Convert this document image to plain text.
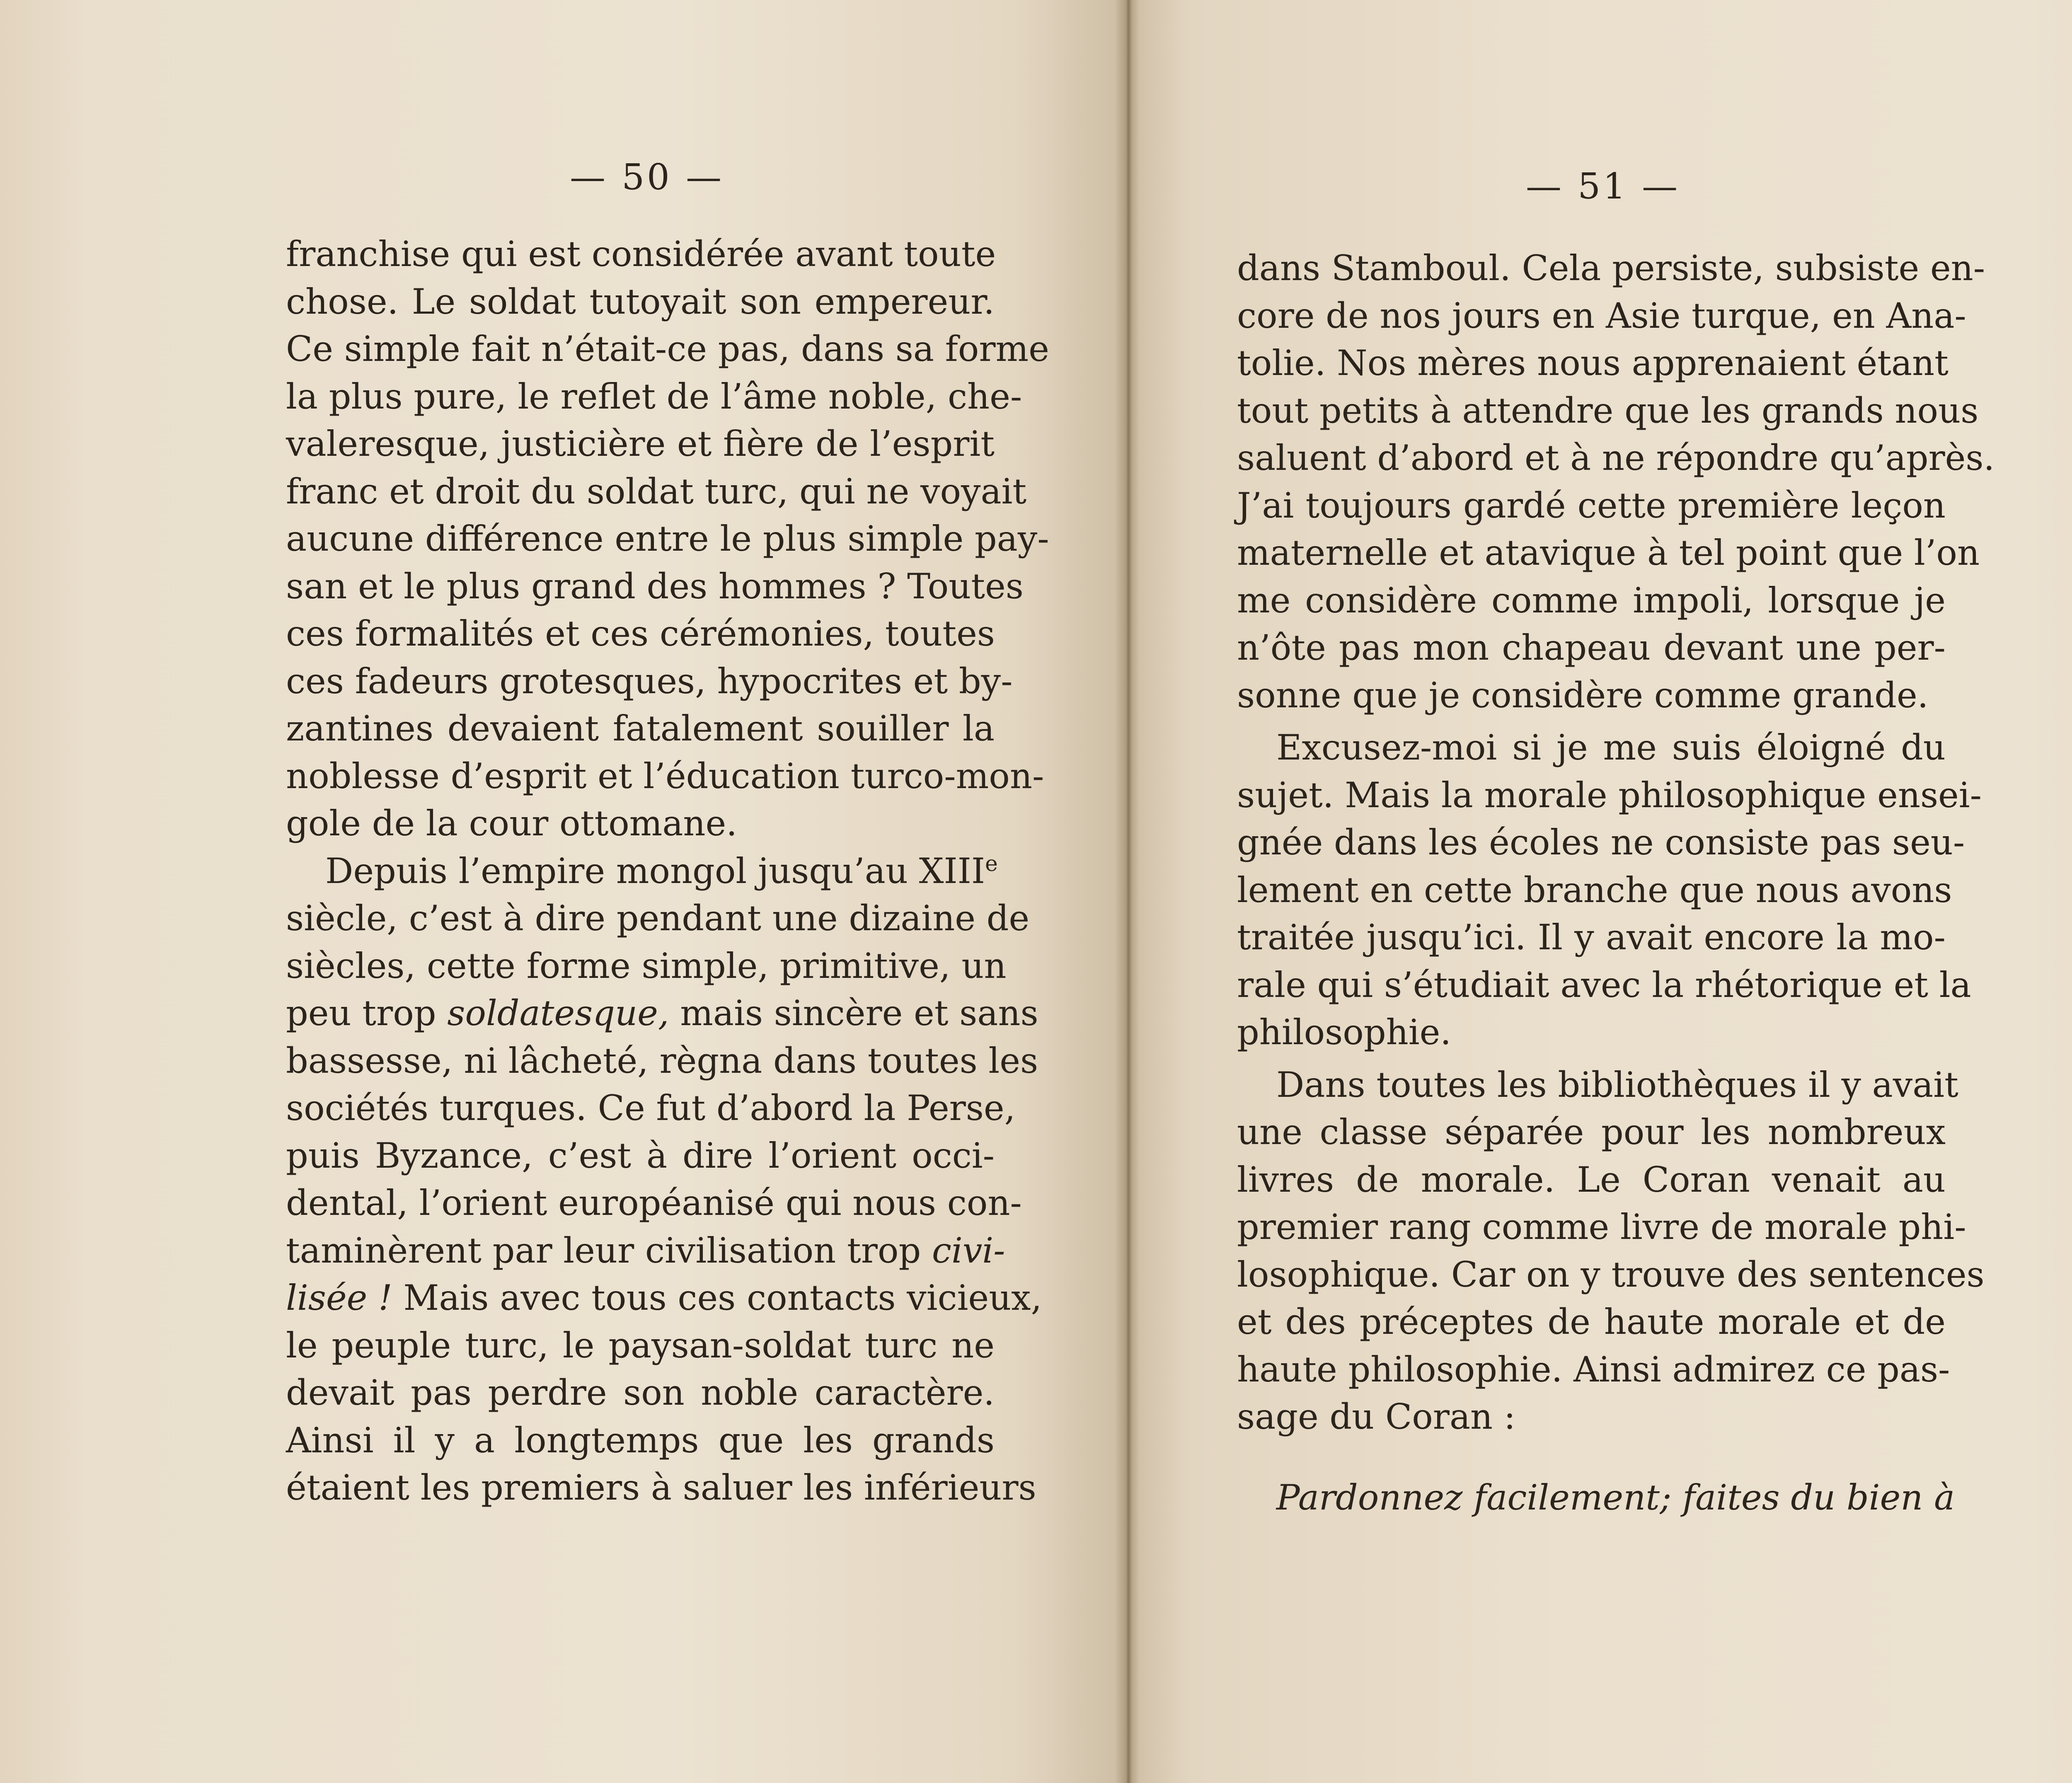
— 50 —
franchise qui est considérée avant toute
chose. Le soldat tutoyait son empereur.
Ce simple fait n’était-ce pas, dans sa forme
la plus pure, le reflet de l’âme noble, che-
valeresque, justicière et fière de l’esprit
franc et droit du soldat turc, qui ne voyait
aucune différence entre le plus simple pay-
san et le plus grand des hommes ? Toutes
ces formalités et ces cérémonies, toutes
ces fadeurs grotesques, hypocrites et by-
zantines devaient fatalement souiller la
noblesse d’esprit et l’éducation turco-mon-
gole de la cour ottomane.
Depuis l’empire mongol jusqu’au XIIIe
siècle, c’est à dire pendant une dizaine de
siècles, cette forme simple, primitive, un
peu trop soldatesque, mais sincère et sans
bassesse, ni lâcheté, règna dans toutes les
sociétés turques. Ce fut d’abord la Perse,
puis Byzance, c’est à dire l’orient occi-
dental, l’orient européanisé qui nous con-
taminèrent par leur civilisation trop civi-
lisée ! Mais avec tous ces contacts vicieux,
le peuple turc, le paysan-soldat turc ne
devait pas perdre son noble caractère.
Ainsi il y a longtemps que les grands
étaient les premiers à saluer les inférieurs
— 51 —
dans Stamboul. Cela persiste, subsiste en-
core de nos jours en Asie turque, en Ana-
tolie. Nos mères nous apprenaient étant
tout petits à attendre que les grands nous
saluent d’abord et à ne répondre qu’après.
J’ai toujours gardé cette première leçon
maternelle et atavique à tel point que l’on
me considère comme impoli, lorsque je
n’ôte pas mon chapeau devant une per-
sonne que je considère comme grande.
Excusez-moi si je me suis éloigné du
sujet. Mais la morale philosophique ensei-
gnée dans les écoles ne consiste pas seu-
lement en cette branche que nous avons
traitée jusqu’ici. Il y avait encore la mo-
rale qui s’étudiait avec la rhétorique et la
philosophie.
Dans toutes les bibliothèques il y avait
une classe séparée pour les nombreux
livres de morale. Le Coran venait au
premier rang comme livre de morale phi-
losophique. Car on y trouve des sentences
et des préceptes de haute morale et de
haute philosophie. Ainsi admirez ce pas-
sage du Coran :
Pardonnez facilement; faites du bien à
